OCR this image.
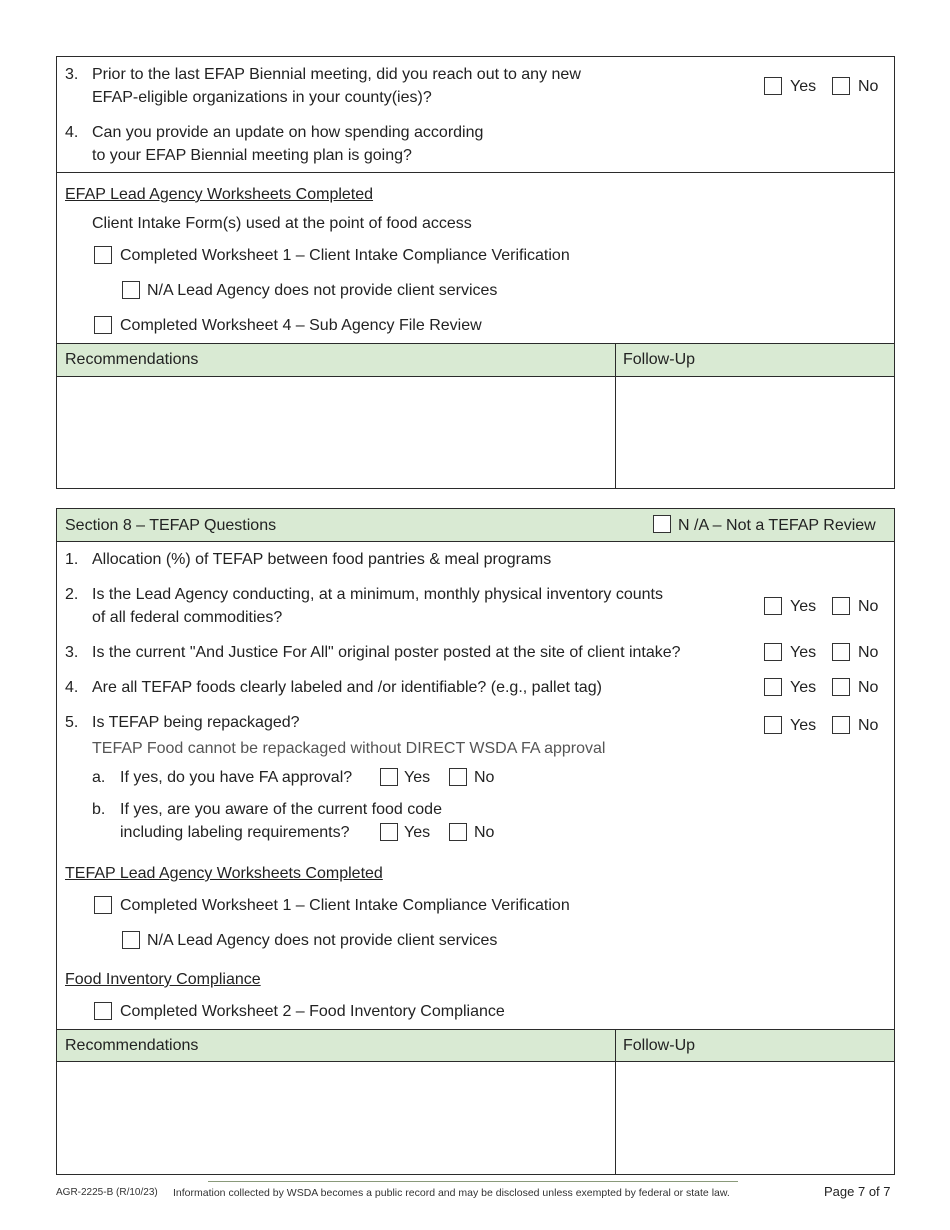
3. Prior to the last EFAP Biennial meeting, did you reach out to any new
EFAP-eligible organizations in your county(ies)?
Yes	No
4. Can you provide an update on how spending according
to your EFAP Biennial meeting plan is going?
EFAP Lead Agency Worksheets Completed
Client Intake Form(s) used at the point of food access
Completed Worksheet 1 – Client Intake Compliance Verification
N/A Lead Agency does not provide client services
Completed Worksheet 4 – Sub Agency File Review
Recommendations	Follow-Up
Section 8 – TEFAP Questions	N /A – Not a TEFAP Review
1. Allocation (%) of TEFAP between food pantries & meal programs
2. Is the Lead Agency conducting, at a minimum, monthly physical inventory counts
of all federal commodities?
Yes	No
3. Is the current "And Justice For All" original poster posted at the site of client intake?	Yes	No
4. Are all TEFAP foods clearly labeled and /or identifiable? (e.g., pallet tag)	Yes	No
5. Is TEFAP being repackaged?	Yes	No
TEFAP Food cannot be repackaged without DIRECT WSDA FA approval
a. If yes, do you have FA approval?	Yes	No
b. If yes, are you aware of the current food code
including labeling requirements?	Yes	No
TEFAP Lead Agency Worksheets Completed
Completed Worksheet 1 – Client Intake Compliance Verification
N/A Lead Agency does not provide client services
Food Inventory Compliance
Completed Worksheet 2 – Food Inventory Compliance
Recommendations	Follow-Up
AGR-2225-B (R/10/23) Information collected by WSDA becomes a public record and may be disclosed unless exempted by federal or state law.	Page 7 of 7
